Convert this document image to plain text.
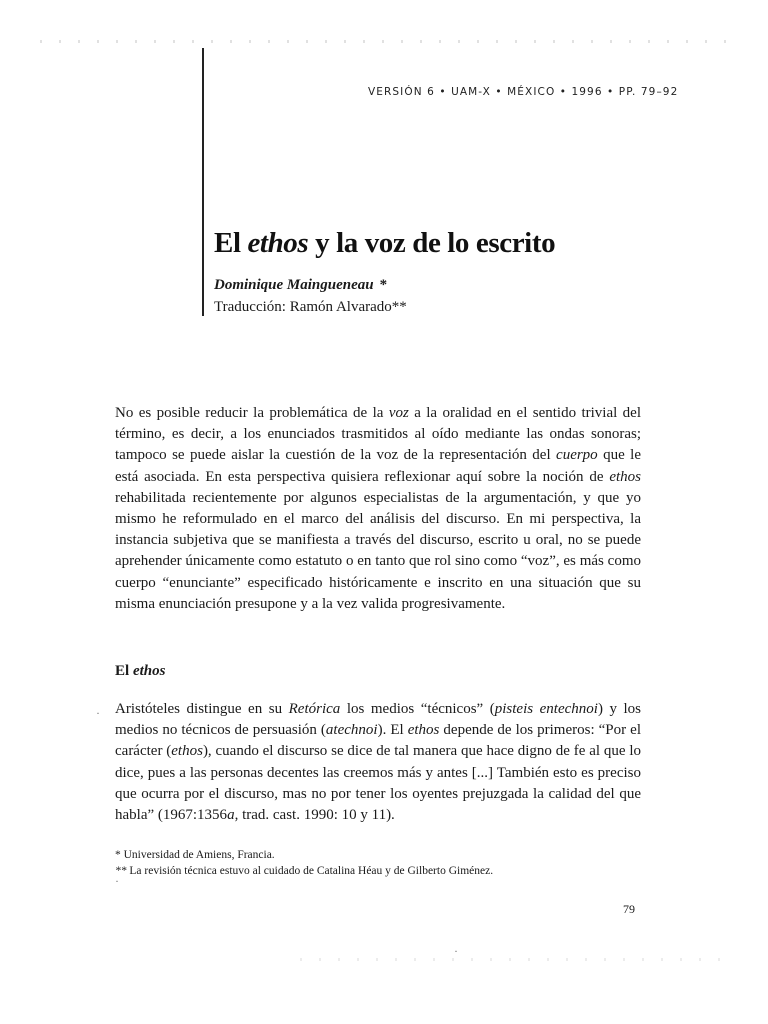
VERSIÓN 6 • UAM-X • MÉXICO • 1996 • PP. 79–92
El ethos y la voz de lo escrito
Dominique Maingueneau *
Traducción: Ramón Alvarado**

No es posible reducir la problemática de la voz a la oralidad en el sentido trivial del término, es decir, a los enunciados trasmitidos al oído mediante las ondas sonoras; tampoco se puede aislar la cuestión de la voz de la representación del cuerpo que le está asociada. En esta perspectiva quisiera reflexionar aquí sobre la noción de ethos rehabilitada recientemente por algunos especialistas de la argumentación, y que yo mismo he reformulado en el marco del análisis del discurso. En mi perspectiva, la instancia subjetiva que se manifiesta a través del discurso, escrito u oral, no se puede aprehender únicamente como estatuto o en tanto que rol sino como “voz”, es más como cuerpo “enunciante” especificado históricamente e inscrito en una situación que su misma enunciación presupone y a la vez valida progresivamente.

El ethos

Aristóteles distingue en su Retórica los medios “técnicos” (pisteis entechnoi) y los medios no técnicos de persuasión (atechnoi). El ethos depende de los primeros: “Por el carácter (ethos), cuando el discurso se dice de tal manera que hace digno de fe al que lo dice, pues a las personas decentes las creemos más y antes [...] También esto es preciso que ocurra por el discurso, mas no por tener los oyentes prejuzgada la calidad del que habla” (1967:1356a, trad. cast. 1990: 10 y 11).

* Universidad de Amiens, Francia.
** La revisión técnica estuvo al cuidado de Catalina Héau y de Gilberto Giménez.
79
·
·
·
